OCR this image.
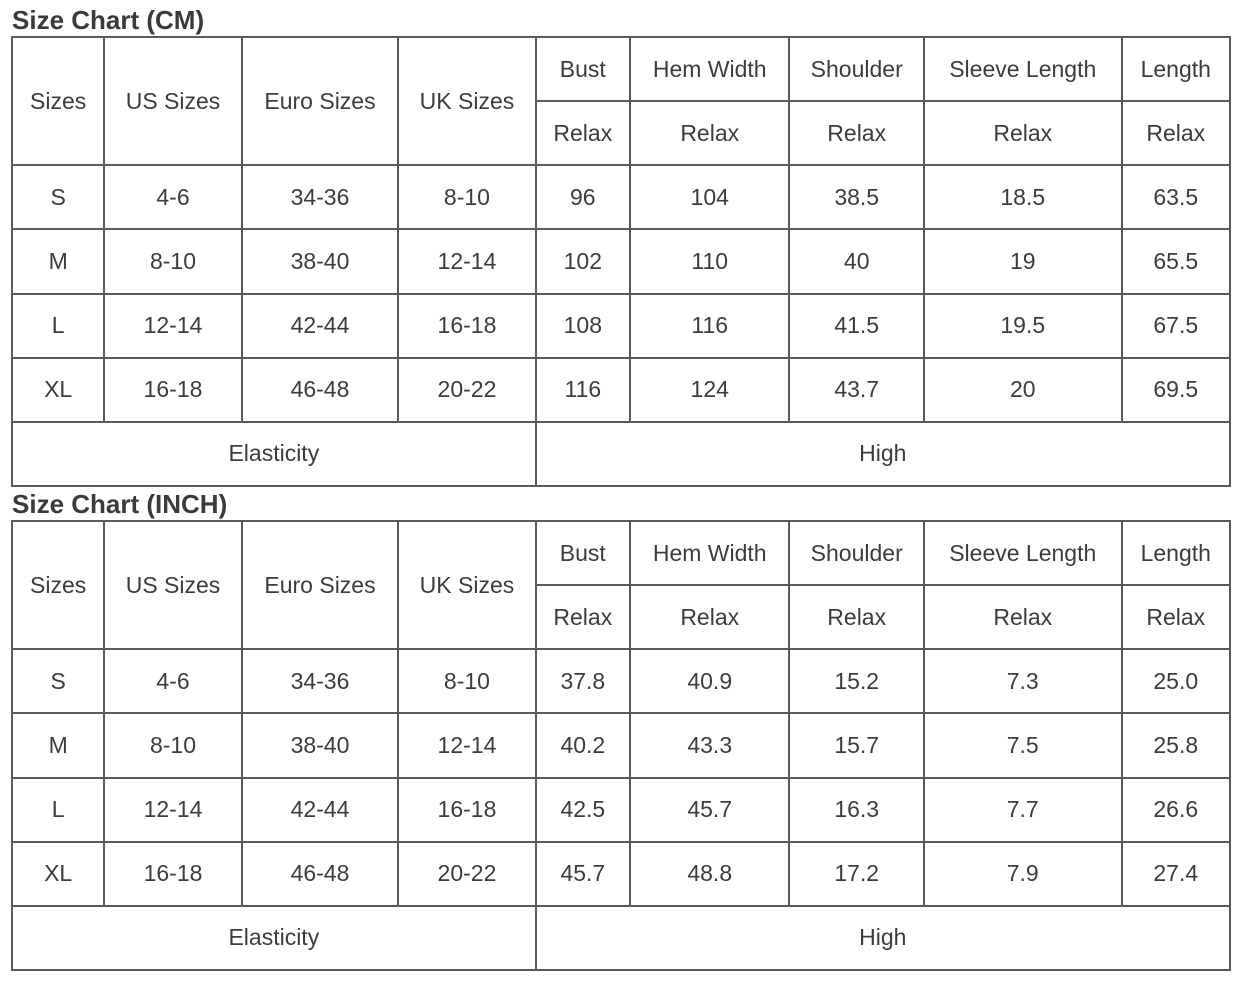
Size Chart (CM)
Sizes	US Sizes	Euro Sizes	UK Sizes	Bust	Hem Width	Shoulder	Sleeve Length	Length
				Relax	Relax	Relax	Relax	Relax
S	4-6	34-36	8-10	96	104	38.5	18.5	63.5
M	8-10	38-40	12-14	102	110	40	19	65.5
L	12-14	42-44	16-18	108	116	41.5	19.5	67.5
XL	16-18	46-48	20-22	116	124	43.7	20	69.5
Elasticity				High				
Size Chart (INCH)
Sizes	US Sizes	Euro Sizes	UK Sizes	Bust	Hem Width	Shoulder	Sleeve Length	Length
				Relax	Relax	Relax	Relax	Relax
S	4-6	34-36	8-10	37.8	40.9	15.2	7.3	25.0
M	8-10	38-40	12-14	40.2	43.3	15.7	7.5	25.8
L	12-14	42-44	16-18	42.5	45.7	16.3	7.7	26.6
XL	16-18	46-48	20-22	45.7	48.8	17.2	7.9	27.4
Elasticity				High				
